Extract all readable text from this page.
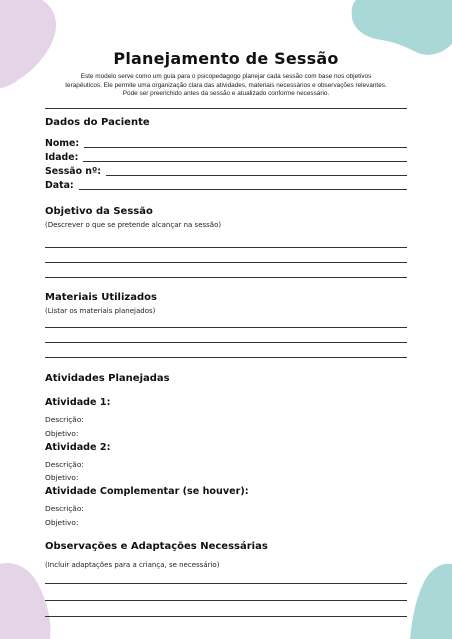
Planejamento de Sessão
Este modelo serve como um guia para o psicopedagogo planejar cada sessão com base nos objetivos
terapêuticos. Ele permite uma organização clara das atividades, materiais necessários e observações relevantes.
Pode ser preenchido antes da sessão e atualizado conforme necessário.
Dados do Paciente
Nome:
Idade:
Sessão nº:
Data:
Objetivo da Sessão
(Descrever o que se pretende alcançar na sessão)
Materiais Utilizados
(Listar os materiais planejados)
Atividades Planejadas
Atividade 1:
Descrição:
Objetivo:
Atividade 2:
Descrição:
Objetivo:
Atividade Complementar (se houver):
Descrição:
Objetivo:
Observações e Adaptações Necessárias
(Incluir adaptações para a criança, se necessário)
